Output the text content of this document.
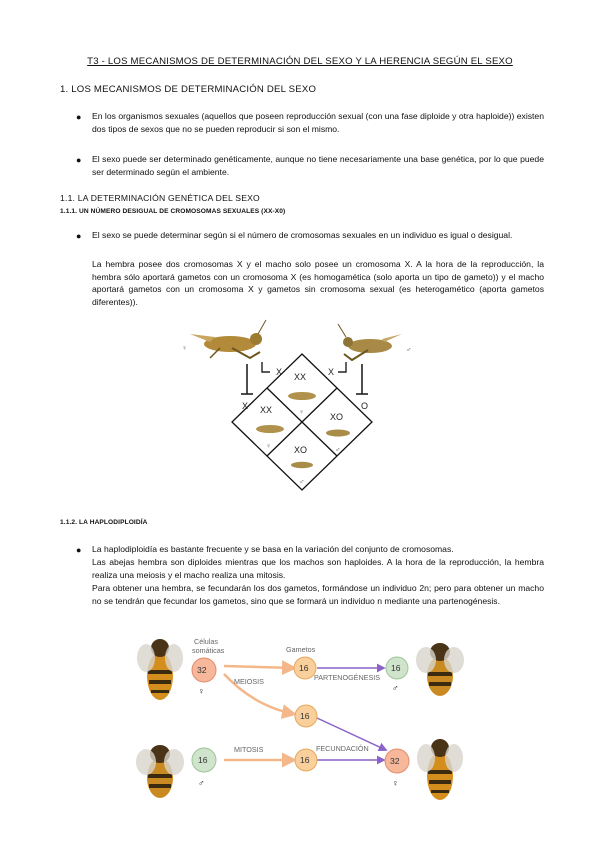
T3 - LOS MECANISMOS DE DETERMINACIÓN DEL SEXO Y LA HERENCIA SEGÚN EL SEXO
1. LOS MECANISMOS DE DETERMINACIÓN DEL SEXO
● En los organismos sexuales (aquellos que poseen reproducción sexual (con una fase diploide y otra haploide)) existen dos tipos de sexos que no se pueden reproducir si son el mismo.
● El sexo puede ser determinado genéticamente, aunque no tiene necesariamente una base genética, por lo que puede ser determinado según el ambiente.
1.1. LA DETERMINACIÓN GENÉTICA DEL SEXO
1.1.1. UN NÚMERO DESIGUAL DE CROMOSOMAS SEXUALES (XX-X0)
● El sexo se puede determinar según si el número de cromosomas sexuales en un individuo es igual o desigual.
La hembra posee dos cromosomas X y el macho solo posee un cromosoma X. A la hora de la reproducción, la hembra sólo aportará gametos con un cromosoma X (es homogamética (solo aporta un tipo de gameto)) y el macho aportará gametos con un cromosoma X y gametos sin cromosoma sexual (es heterogamético (aporta gametos diferentes)).
♀	♂
X	X
X	O
XX
♀
XX
♀
XO
♂
XO
♂
1.1.2. LA HAPLODIPLOIDÍA
● La haplodiploidía es bastante frecuente y se basa en la variación del conjunto de cromosomas.
Las abejas hembra son diploides mientras que los machos son haploides. A la hora de la reproducción, la hembra realiza una meiosis y el macho realiza una mitosis.
Para obtener una hembra, se fecundarán los dos gametos, formándose un individuo 2n; pero para obtener un macho no se tendrán que fecundar los gametos, sino que se formará un individuo n mediante una partenogénesis.
Células
somáticas	Gametos
MEIOSIS
MITOSIS
PARTENOGÉNESIS
FECUNDACIÓN
32
♀
16
16
16
♂
16
♂
16	32
♀
